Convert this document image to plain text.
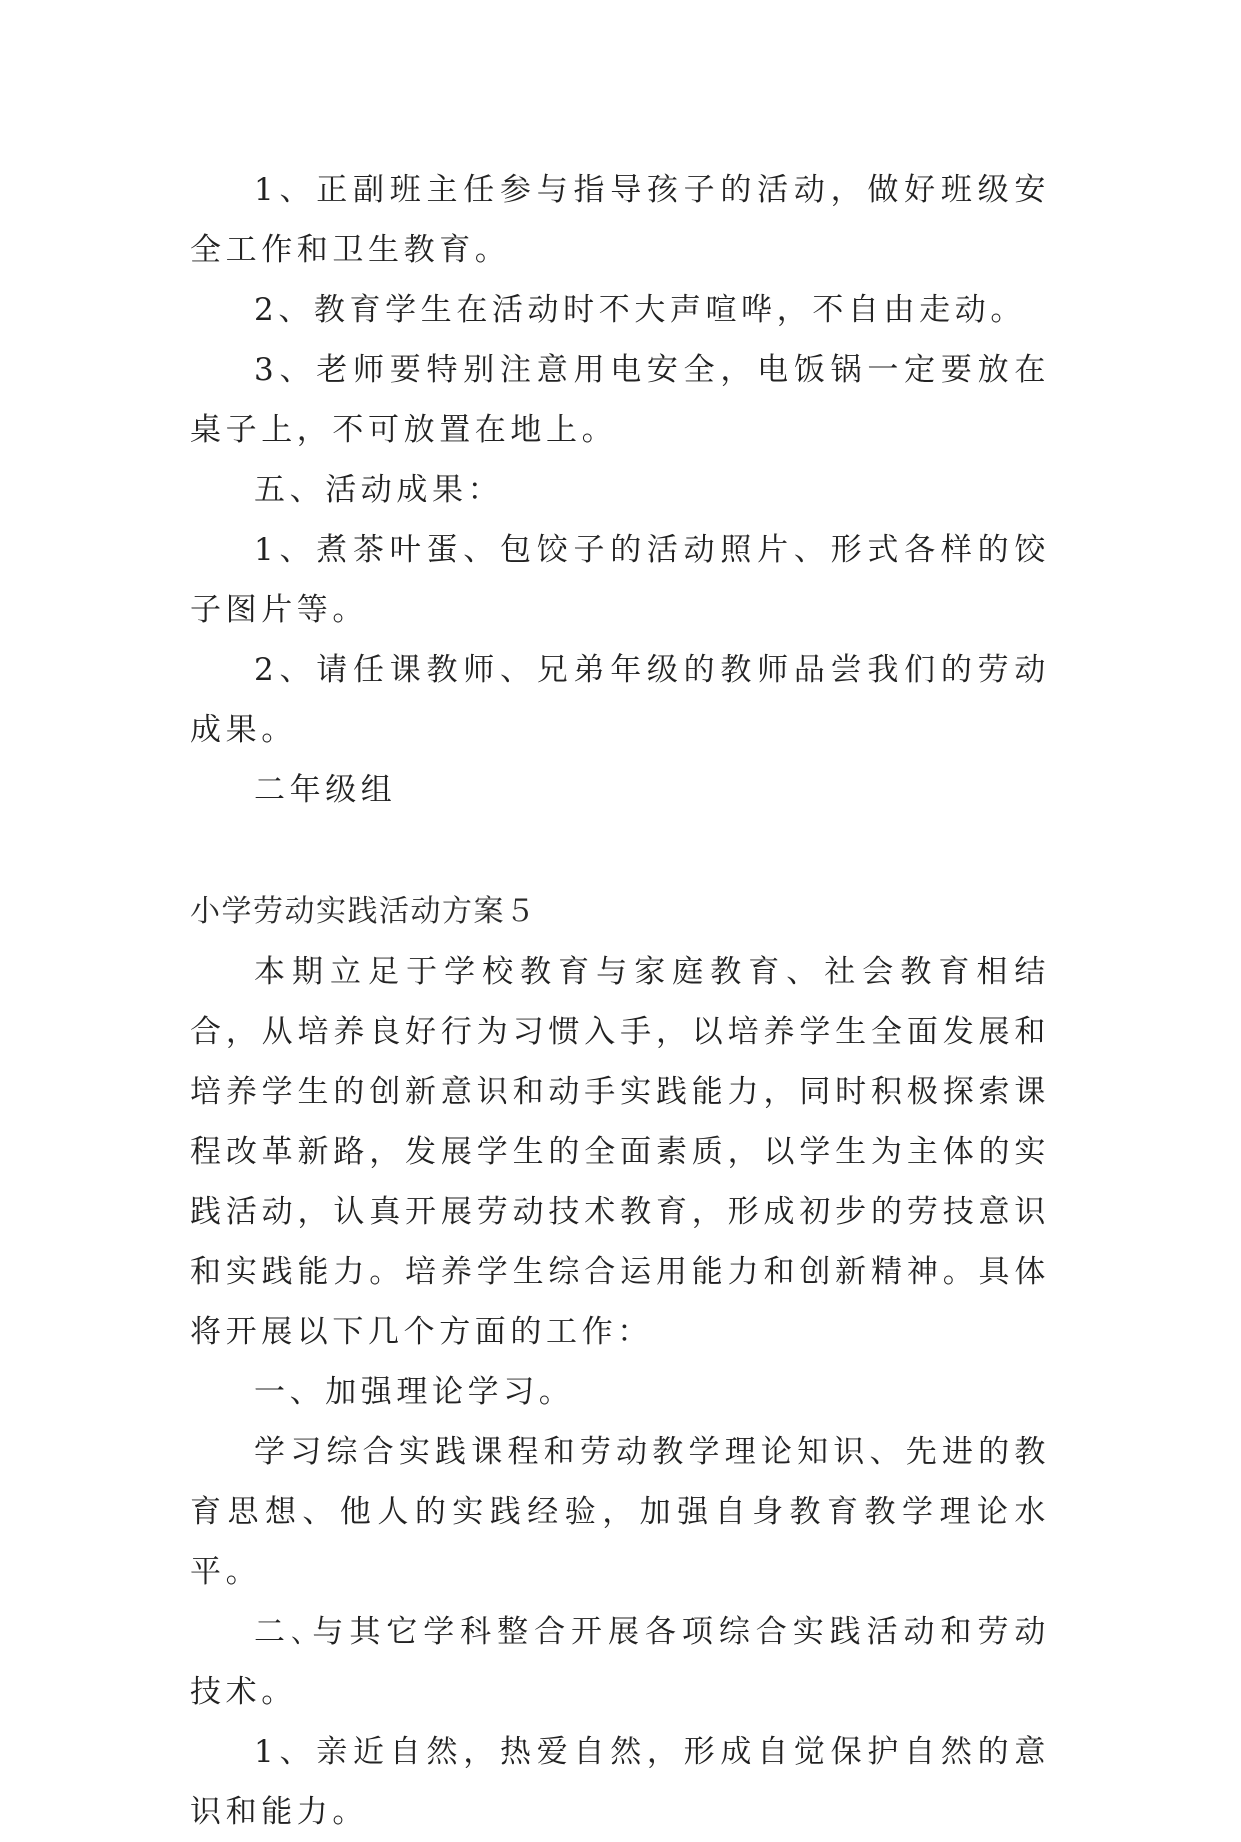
1、正副班主任参与指导孩子的活动，做好班级安全工作和卫生教育。

2、教育学生在活动时不大声喧哗，不自由走动。

3、老师要特别注意用电安全，电饭锅一定要放在桌子上，不可放置在地上。

五、活动成果：

1、煮茶叶蛋、包饺子的活动照片、形式各样的饺子图片等。

2、请任课教师、兄弟年级的教师品尝我们的劳动成果。

二年级组

小学劳动实践活动方案５

本期立足于学校教育与家庭教育、社会教育相结合，从培养良好行为习惯入手，以培养学生全面发展和培养学生的创新意识和动手实践能力，同时积极探索课程改革新路，发展学生的全面素质，以学生为主体的实践活动，认真开展劳动技术教育，形成初步的劳技意识和实践能力。培养学生综合运用能力和创新精神。具体将开展以下几个方面的工作：

一、加强理论学习。

学习综合实践课程和劳动教学理论知识、先进的教育思想、他人的实践经验，加强自身教育教学理论水平。

二､与其它学科整合开展各项综合实践活动和劳动技术。

1、亲近自然，热爱自然，形成自觉保护自然的意识和能力。
